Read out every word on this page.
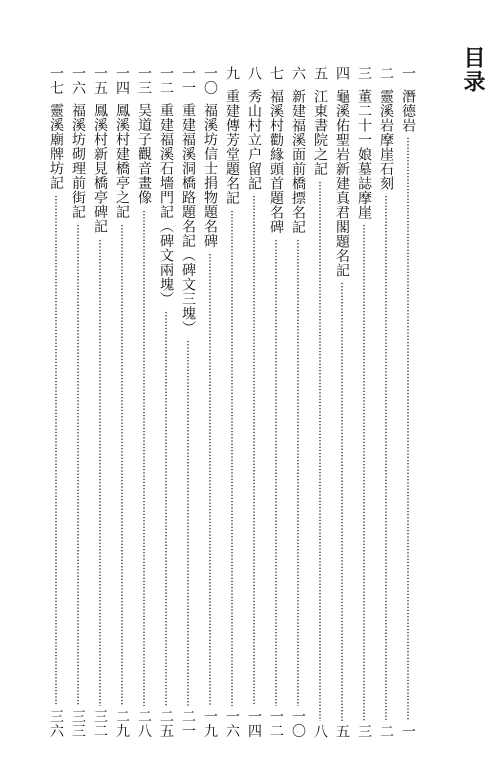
目录
一
潛德岩
一
二
靈溪岩摩崖石刻
二
三
董二十一娘墓誌摩崖
三
四
龜溪佑聖岩新建真君閣題名記
五
五
江東書院之記
八
六
新建福溪面前橋摽名記
一〇
七
福溪村勸緣頭首題名碑
一二
八
秀山村立户留記
一四
九
重建傳芳堂題名記
一六
一〇
福溪坊信士捐物題名碑
一九
一一
重建福溪洞橋路題名記（碑文三塊）
二一
一二
重建福溪石墻門記（碑文兩塊）
二五
一三
吴道子觀音畫像
二八
一四
鳳溪村建橋亭之記
二九
一五
鳳溪村新見橋亭碑記
三二
一六
福溪坊砌理前街記
三三
一七
靈溪廟牌坊記
三六
